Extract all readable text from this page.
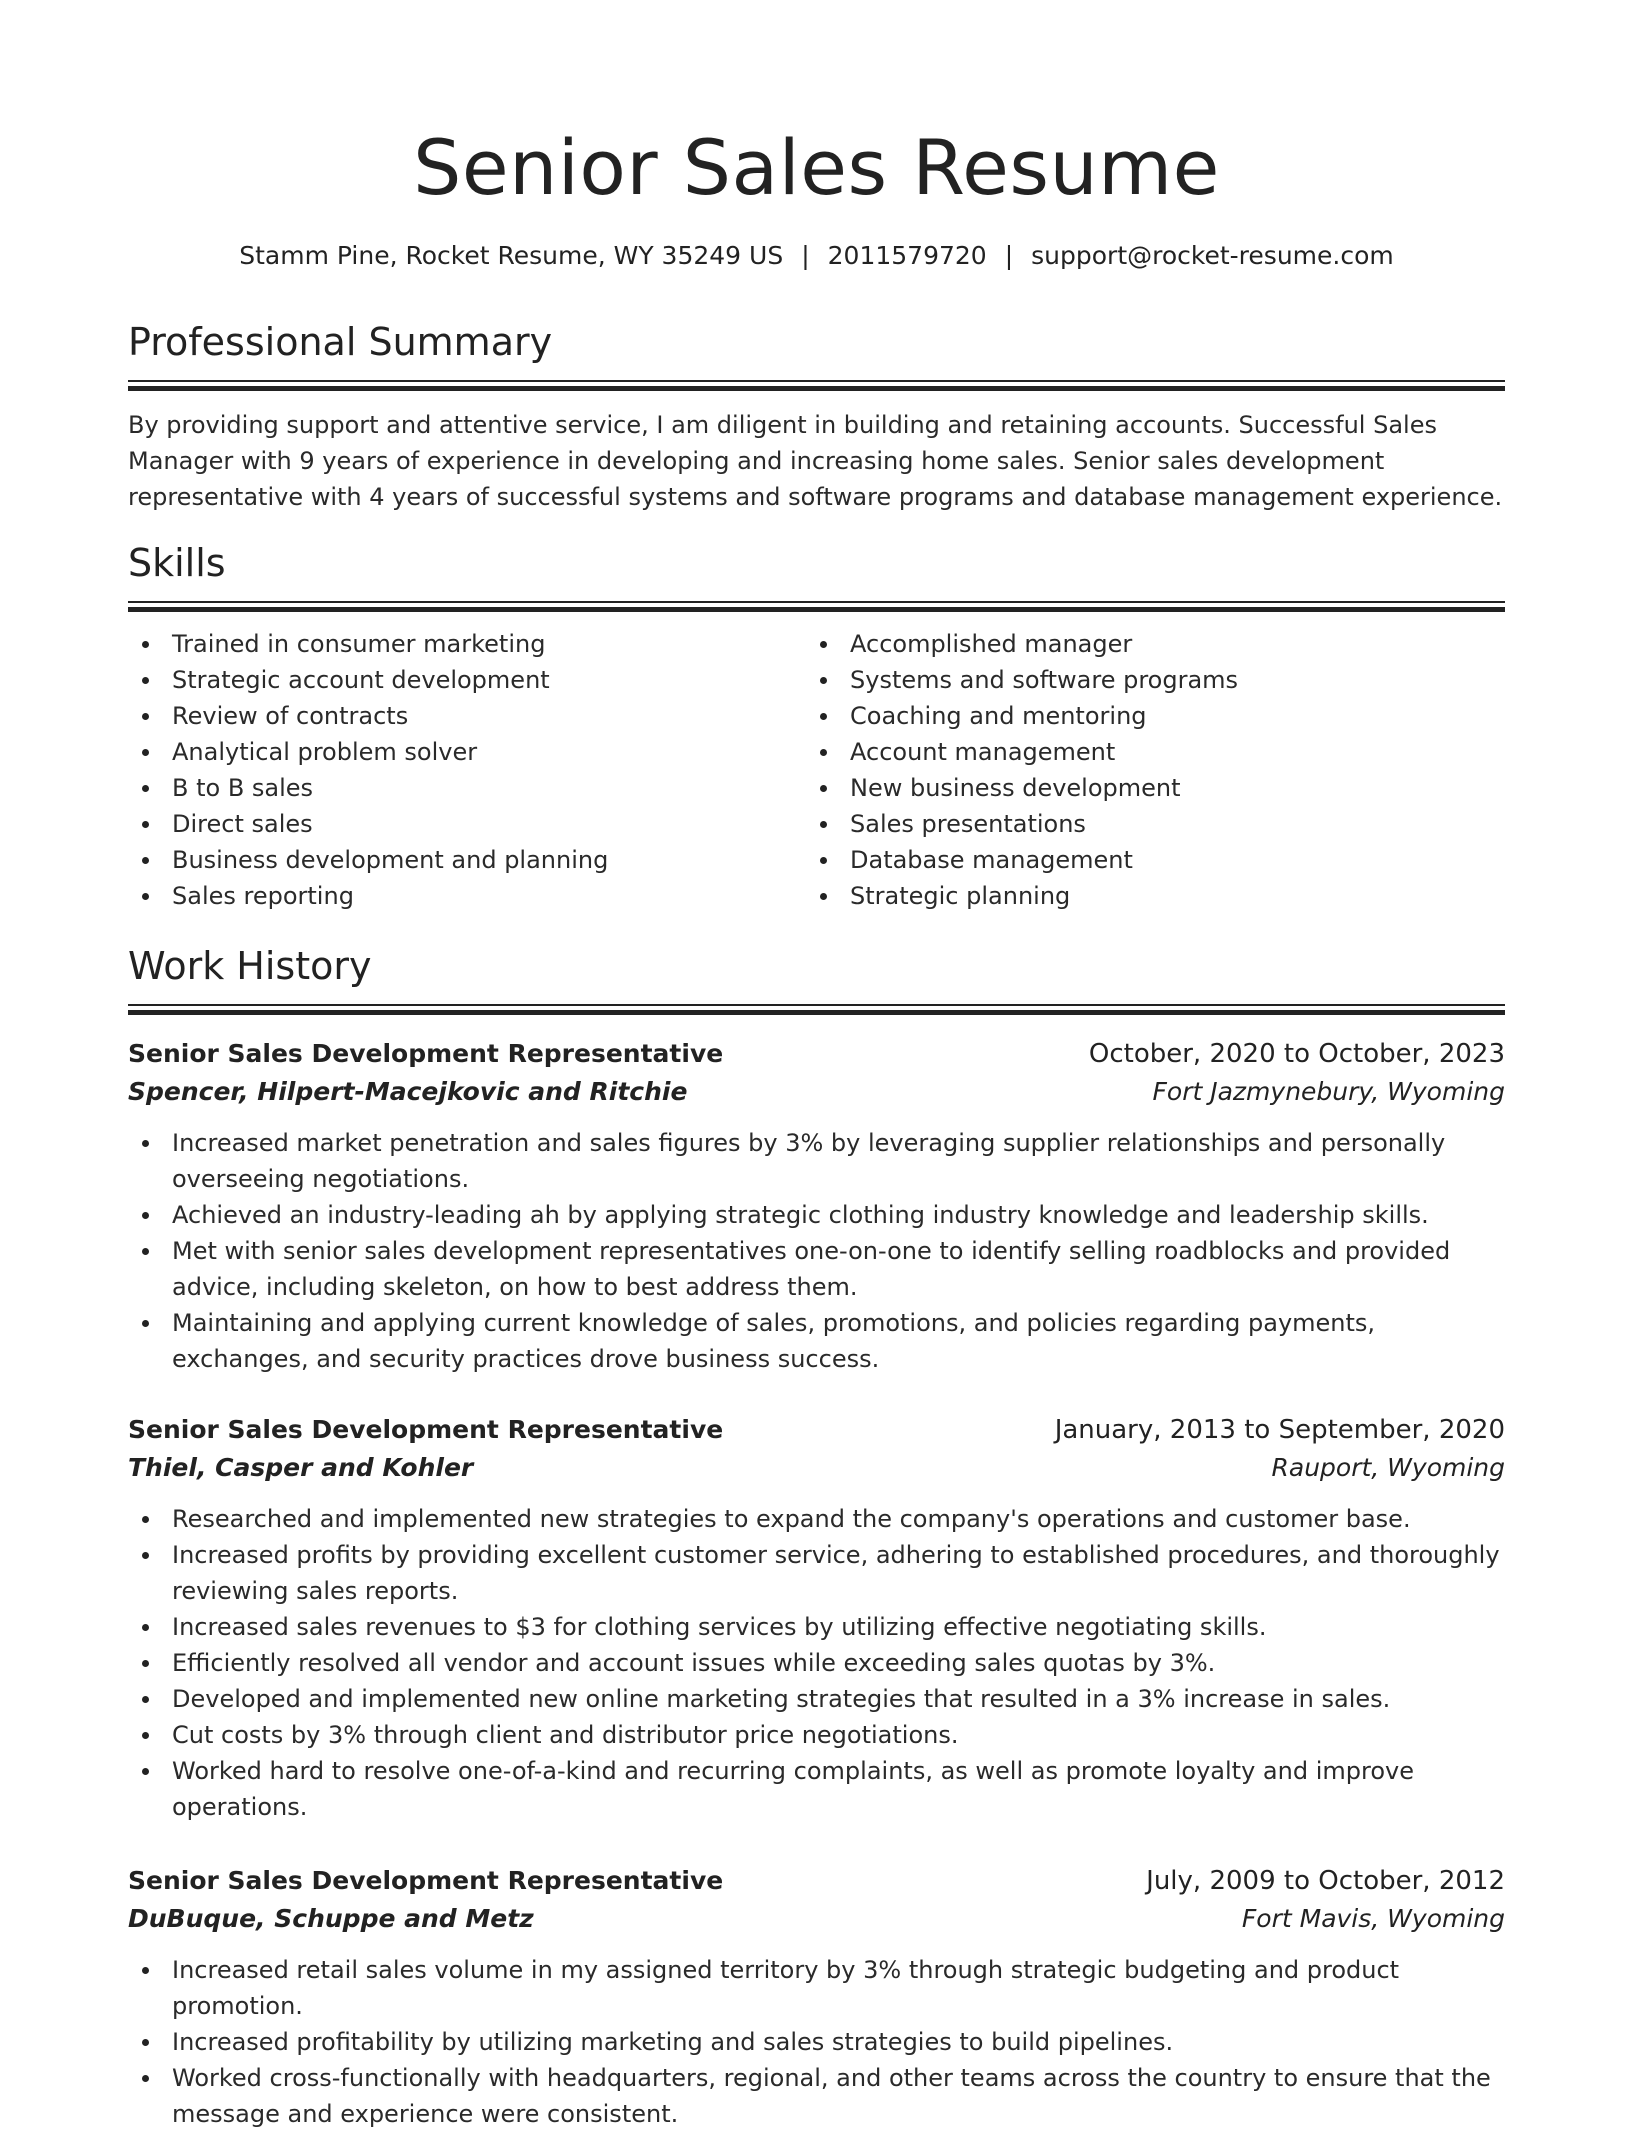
Senior Sales Resume
Stamm Pine, Rocket Resume, WY 35249 US | 2011579720 | support@rocket-resume.com
Professional Summary

By providing support and attentive service, I am diligent in building and retaining accounts. Successful Sales Manager with 9 years of experience in developing and increasing home sales. Senior sales development representative with 4 years of successful systems and software programs and database management experience.

Skills
Trained in consumer marketing
Strategic account development
Review of contracts
Analytical problem solver
B to B sales
Direct sales
Business development and planning
Sales reporting
Accomplished manager
Systems and software programs
Coaching and mentoring
Account management
New business development
Sales presentations
Database management
Strategic planning
Work History
Senior Sales Development Representative	October, 2020 to October, 2023
Spencer, Hilpert-Macejkovic and Ritchie	Fort Jazmynebury, Wyoming
Increased market penetration and sales figures by 3% by leveraging supplier relationships and personally overseeing negotiations.
Achieved an industry-leading ah by applying strategic clothing industry knowledge and leadership skills.
Met with senior sales development representatives one-on-one to identify selling roadblocks and provided advice, including skeleton, on how to best address them.
Maintaining and applying current knowledge of sales, promotions, and policies regarding payments, exchanges, and security practices drove business success.
Senior Sales Development Representative	January, 2013 to September, 2020
Thiel, Casper and Kohler	Rauport, Wyoming
Researched and implemented new strategies to expand the company's operations and customer base.
Increased profits by providing excellent customer service, adhering to established procedures, and thoroughly reviewing sales reports.
Increased sales revenues to $3 for clothing services by utilizing effective negotiating skills.
Efficiently resolved all vendor and account issues while exceeding sales quotas by 3%.
Developed and implemented new online marketing strategies that resulted in a 3% increase in sales.
Cut costs by 3% through client and distributor price negotiations.
Worked hard to resolve one-of-a-kind and recurring complaints, as well as promote loyalty and improve operations.
Senior Sales Development Representative	July, 2009 to October, 2012
DuBuque, Schuppe and Metz	Fort Mavis, Wyoming
Increased retail sales volume in my assigned territory by 3% through strategic budgeting and product promotion.
Increased profitability by utilizing marketing and sales strategies to build pipelines.
Worked cross-functionally with headquarters, regional, and other teams across the country to ensure that the message and experience were consistent.
